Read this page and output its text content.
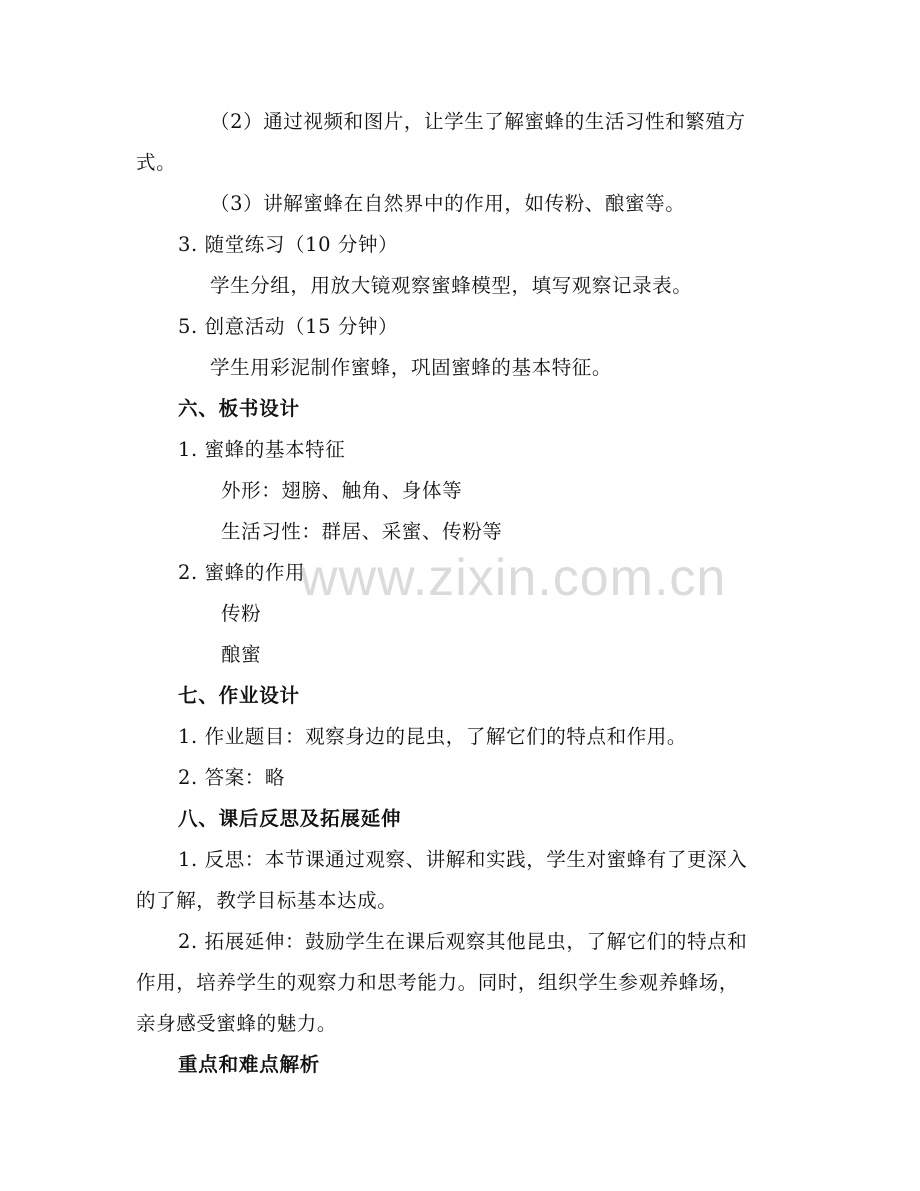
（2）通过视频和图片，让学生了解蜜蜂的生活习性和繁殖方
式。
（3）讲解蜜蜂在自然界中的作用，如传粉、酿蜜等。
3. 随堂练习（10 分钟）
学生分组，用放大镜观察蜜蜂模型，填写观察记录表。
5. 创意活动（15 分钟）
学生用彩泥制作蜜蜂，巩固蜜蜂的基本特征。
六、板书设计
1. 蜜蜂的基本特征
外形：翅膀、触角、身体等
生活习性：群居、采蜜、传粉等
2. 蜜蜂的作用
传粉
酿蜜
七、作业设计
1. 作业题目：观察身边的昆虫，了解它们的特点和作用。
2. 答案：略
八、课后反思及拓展延伸
1. 反思：本节课通过观察、讲解和实践，学生对蜜蜂有了更深入
的了解，教学目标基本达成。
2. 拓展延伸：鼓励学生在课后观察其他昆虫，了解它们的特点和
作用，培养学生的观察力和思考能力。同时，组织学生参观养蜂场，
亲身感受蜜蜂的魅力。
重点和难点解析
www.zixin.com.cn
